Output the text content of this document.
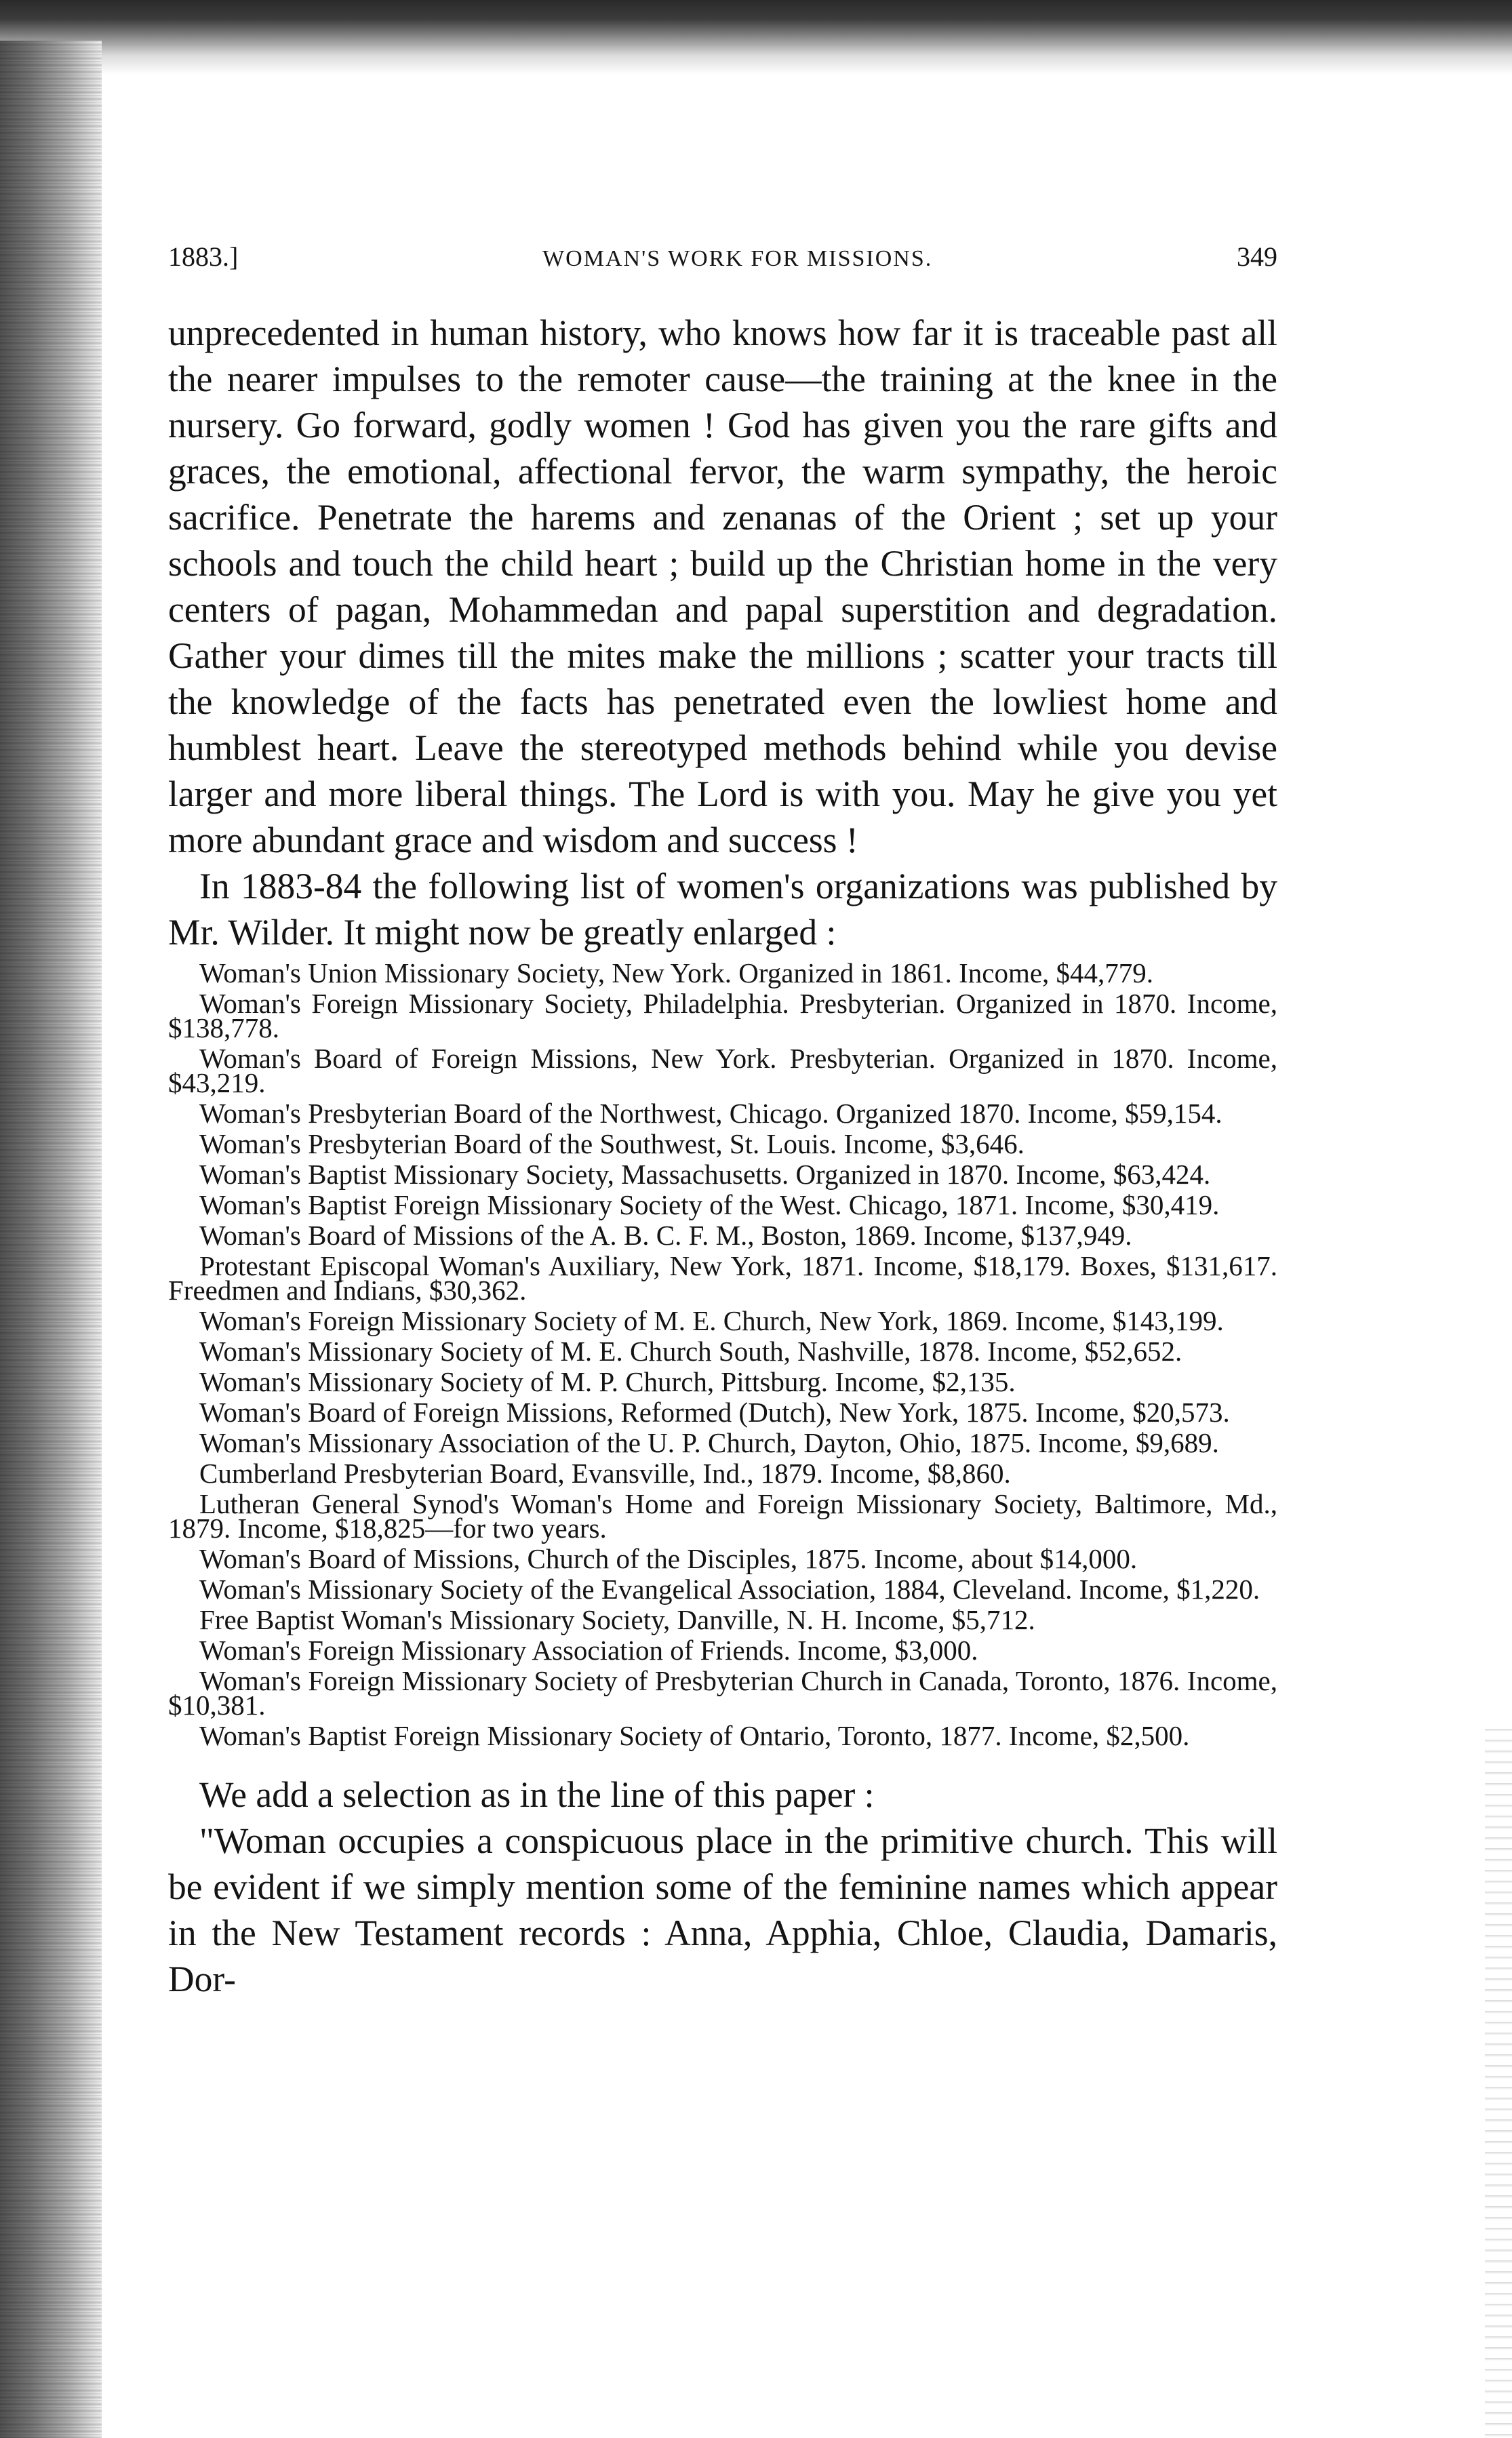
1883.]	WOMAN'S WORK FOR MISSIONS.	349

unprecedented in human history, who knows how far it is traceable past all the nearer impulses to the remoter cause—the training at the knee in the nursery. Go forward, godly women ! God has given you the rare gifts and graces, the emotional, affectional fervor, the warm sympathy, the heroic sacrifice. Penetrate the harems and zenanas of the Orient ; set up your schools and touch the child heart ; build up the Christian home in the very centers of pagan, Mohammedan and papal superstition and degradation. Gather your dimes till the mites make the millions ; scatter your tracts till the knowledge of the facts has penetrated even the lowliest home and humblest heart. Leave the stereotyped methods behind while you devise larger and more liberal things. The Lord is with you. May he give you yet more abundant grace and wisdom and success !

In 1883-84 the following list of women's organizations was published by Mr. Wilder. It might now be greatly enlarged :

Woman's Union Missionary Society, New York. Organized in 1861. Income, $44,779.

Woman's Foreign Missionary Society, Philadelphia. Presbyterian. Organized in 1870. Income, $138,778.

Woman's Board of Foreign Missions, New York. Presbyterian. Organized in 1870. Income, $43,219.

Woman's Presbyterian Board of the Northwest, Chicago. Organized 1870. Income, $59,154.

Woman's Presbyterian Board of the Southwest, St. Louis. Income, $3,646.

Woman's Baptist Missionary Society, Massachusetts. Organized in 1870. Income, $63,424.

Woman's Baptist Foreign Missionary Society of the West. Chicago, 1871. Income, $30,419.

Woman's Board of Missions of the A. B. C. F. M., Boston, 1869. Income, $137,949.

Protestant Episcopal Woman's Auxiliary, New York, 1871. Income, $18,179. Boxes, $131,617. Freedmen and Indians, $30,362.

Woman's Foreign Missionary Society of M. E. Church, New York, 1869. Income, $143,199.

Woman's Missionary Society of M. E. Church South, Nashville, 1878. Income, $52,652.

Woman's Missionary Society of M. P. Church, Pittsburg. Income, $2,135.

Woman's Board of Foreign Missions, Reformed (Dutch), New York, 1875. Income, $20,573.

Woman's Missionary Association of the U. P. Church, Dayton, Ohio, 1875. Income, $9,689.

Cumberland Presbyterian Board, Evansville, Ind., 1879. Income, $8,860.

Lutheran General Synod's Woman's Home and Foreign Missionary Society, Baltimore, Md., 1879. Income, $18,825—for two years.

Woman's Board of Missions, Church of the Disciples, 1875. Income, about $14,000.

Woman's Missionary Society of the Evangelical Association, 1884, Cleveland. Income, $1,220.

Free Baptist Woman's Missionary Society, Danville, N. H. Income, $5,712.

Woman's Foreign Missionary Association of Friends. Income, $3,000.

Woman's Foreign Missionary Society of Presbyterian Church in Canada, Toronto, 1876. Income, $10,381.

Woman's Baptist Foreign Missionary Society of Ontario, Toronto, 1877. Income, $2,500.

We add a selection as in the line of this paper :

"Woman occupies a conspicuous place in the primitive church. This will be evident if we simply mention some of the feminine names which appear in the New Testament records : Anna, Apphia, Chloe, Claudia, Damaris, Dor-
